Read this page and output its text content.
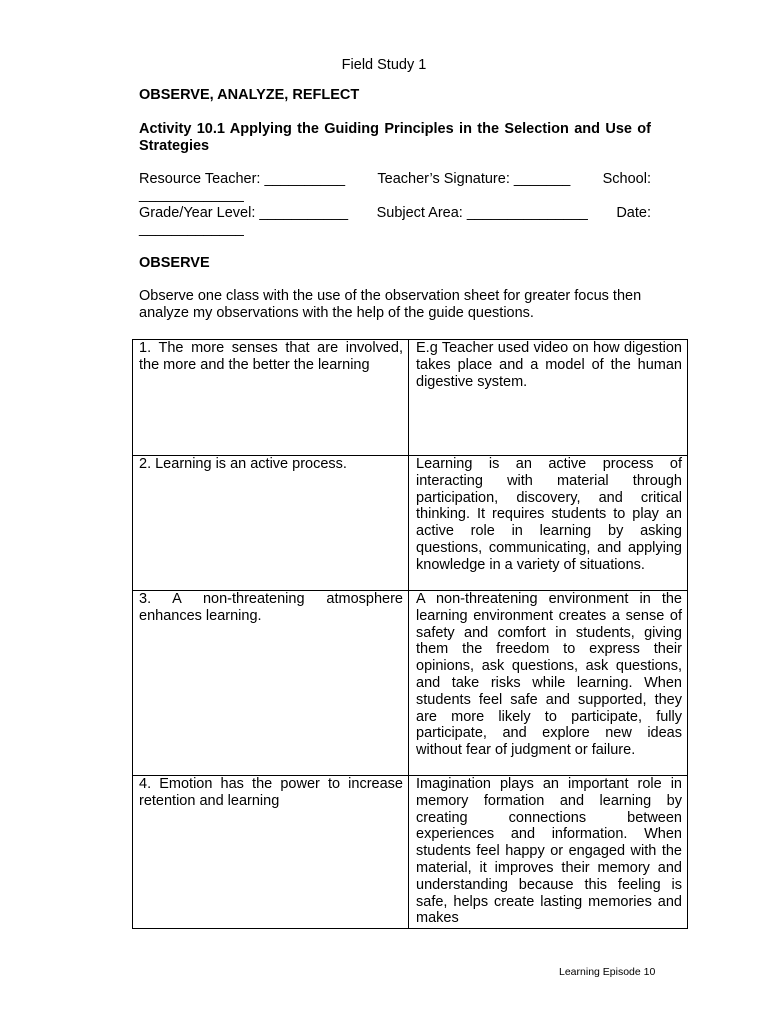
Field Study 1
OBSERVE, ANALYZE, REFLECT
Activity 10.1 Applying the Guiding Principles in the Selection and Use of Strategies
Resource Teacher: __________ Teacher’s Signature: _______ School:
_____________
Grade/Year Level: ___________ Subject Area: _______________ Date:
_____________
OBSERVE
Observe one class with the use of the observation sheet for greater focus then analyze my observations with the help of the guide questions.
1. The more senses that are involved, the more and the better the learning	E.g Teacher used video on how digestion takes place and a model of the human digestive system.
2. Learning is an active process.	Learning is an active process of interacting with material through participation, discovery, and critical thinking. It requires students to play an active role in learning by asking questions, communicating, and applying knowledge in a variety of situations.
3. A non-threatening atmosphere enhances learning.	A non-threatening environment in the learning environment creates a sense of safety and comfort in students, giving them the freedom to express their opinions, ask questions, ask questions, and take risks while learning. When students feel safe and supported, they are more likely to participate, fully participate, and explore new ideas without fear of judgment or failure.
4. Emotion has the power to increase retention and learning	Imagination plays an important role in memory formation and learning by creating connections between experiences and information. When students feel happy or engaged with the material, it improves their memory and understanding because this feeling is safe, helps create lasting memories and makes
Learning Episode 10
